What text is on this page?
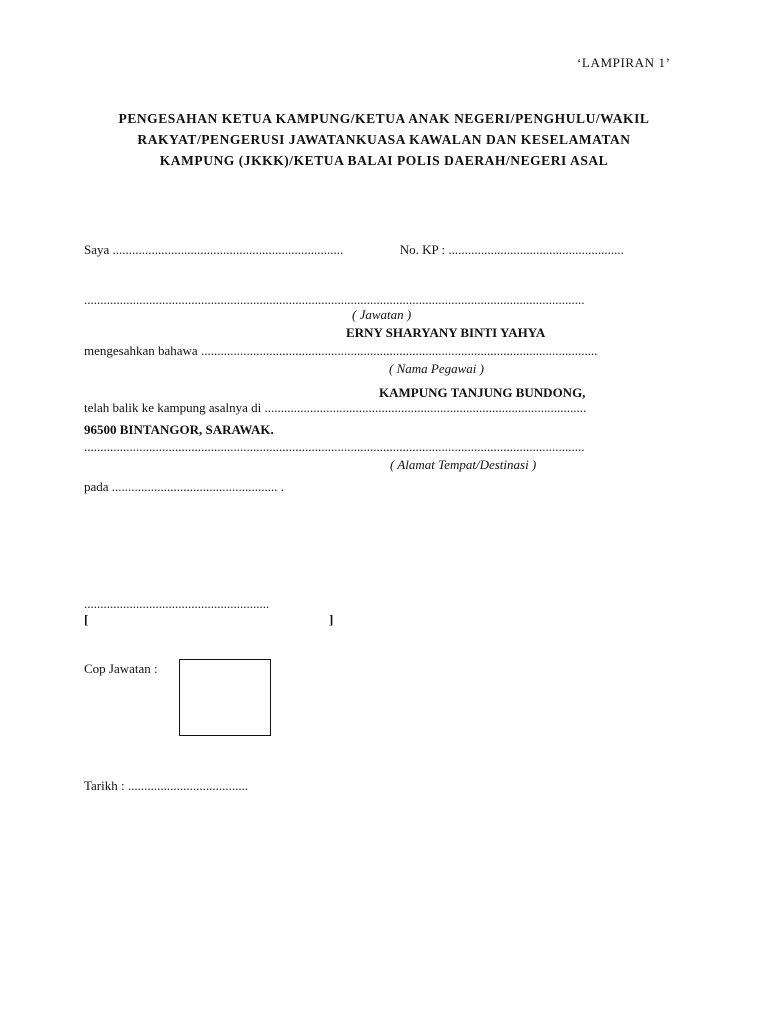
‘LAMPIRAN 1’
PENGESAHAN KETUA KAMPUNG/KETUA ANAK NEGERI/PENGHULU/WAKIL
RAKYAT/PENGERUSI JAWATANKUASA KAWALAN DAN KESELAMATAN
KAMPUNG (JKKK)/KETUA BALAI POLIS DAERAH/NEGERI ASAL
Saya .......................................................................	No. KP : ......................................................
..........................................................................................................................................................
( Jawatan )
ERNY SHARYANY BINTI YAHYA
mengesahkan bahawa ..........................................................................................................................
( Nama Pegawai )
KAMPUNG TANJUNG BUNDONG,
telah balik ke kampung asalnya di ...................................................................................................
96500 BINTANGOR, SARAWAK.
..........................................................................................................................................................
( Alamat Tempat/Destinasi )
pada ................................................... .
.........................................................
[	]
Cop Jawatan :
Tarikh : .....................................
